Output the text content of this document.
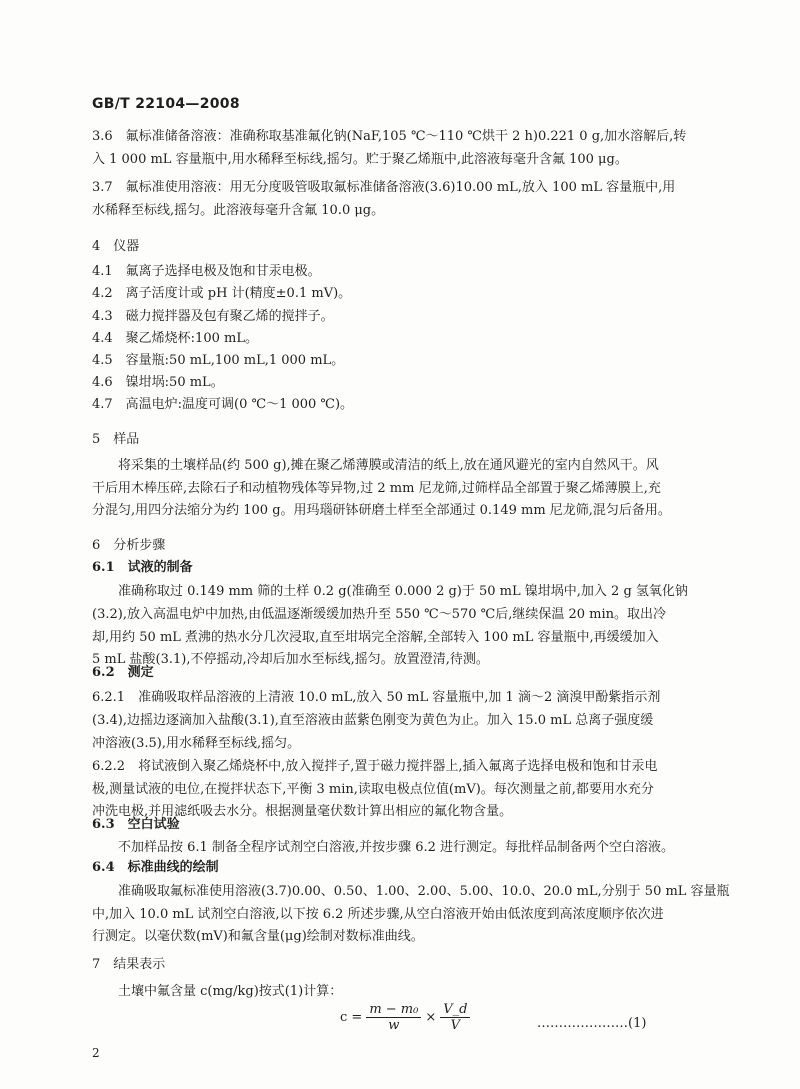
GB/T 22104—2008
3.6　氟标准储备溶液：准确称取基准氟化钠(NaF,105 ℃～110 ℃烘干 2 h)0.221 0 g,加水溶解后,转
入 1 000 mL 容量瓶中,用水稀释至标线,摇匀。贮于聚乙烯瓶中,此溶液每毫升含氟 100 μg。
3.7　氟标准使用溶液：用无分度吸管吸取氟标准储备溶液(3.6)10.00 mL,放入 100 mL 容量瓶中,用
水稀释至标线,摇匀。此溶液每毫升含氟 10.0 μg。
4　仪器
4.1　氟离子选择电极及饱和甘汞电极。
4.2　离子活度计或 pH 计(精度±0.1 mV)。
4.3　磁力搅拌器及包有聚乙烯的搅拌子。
4.4　聚乙烯烧杯:100 mL。
4.5　容量瓶:50 mL,100 mL,1 000 mL。
4.6　镍坩埚:50 mL。
4.7　高温电炉:温度可调(0 ℃～1 000 ℃)。
5　样品
将采集的土壤样品(约 500 g),摊在聚乙烯薄膜或清洁的纸上,放在通风避光的室内自然风干。风
干后用木棒压碎,去除石子和动植物残体等异物,过 2 mm 尼龙筛,过筛样品全部置于聚乙烯薄膜上,充
分混匀,用四分法缩分为约 100 g。用玛瑙研钵研磨土样至全部通过 0.149 mm 尼龙筛,混匀后备用。
6　分析步骤
6.1　试液的制备
准确称取过 0.149 mm 筛的土样 0.2 g(准确至 0.000 2 g)于 50 mL 镍坩埚中,加入 2 g 氢氧化钠
(3.2),放入高温电炉中加热,由低温逐渐缓缓加热升至 550 ℃～570 ℃后,继续保温 20 min。取出冷
却,用约 50 mL 煮沸的热水分几次浸取,直至坩埚完全溶解,全部转入 100 mL 容量瓶中,再缓缓加入
5 mL 盐酸(3.1),不停摇动,冷却后加水至标线,摇匀。放置澄清,待测。
6.2　测定
6.2.1　准确吸取样品溶液的上清液 10.0 mL,放入 50 mL 容量瓶中,加 1 滴～2 滴溴甲酚紫指示剂
(3.4),边摇边逐滴加入盐酸(3.1),直至溶液由蓝紫色刚变为黄色为止。加入 15.0 mL 总离子强度缓
冲溶液(3.5),用水稀释至标线,摇匀。
6.2.2　将试液倒入聚乙烯烧杯中,放入搅拌子,置于磁力搅拌器上,插入氟离子选择电极和饱和甘汞电
极,测量试液的电位,在搅拌状态下,平衡 3 min,读取电极点位值(mV)。每次测量之前,都要用水充分
冲洗电极,并用滤纸吸去水分。根据测量毫伏数计算出相应的氟化物含量。
6.3　空白试验
不加样品按 6.1 制备全程序试剂空白溶液,并按步骤 6.2 进行测定。每批样品制备两个空白溶液。
6.4　标准曲线的绘制
准确吸取氟标准使用溶液(3.7)0.00、0.50、1.00、2.00、5.00、10.0、20.0 mL,分别于 50 mL 容量瓶
中,加入 10.0 mL 试剂空白溶液,以下按 6.2 所述步骤,从空白溶液开始由低浓度到高浓度顺序依次进
行测定。以毫伏数(mV)和氟含量(μg)绘制对数标准曲线。
7　结果表示
土壤中氟含量 c(mg/kg)按式(1)计算：
$c = \frac{\text{m − m₀}}{w} \times \frac{V\_d}{V}$	…………………(1)
2
